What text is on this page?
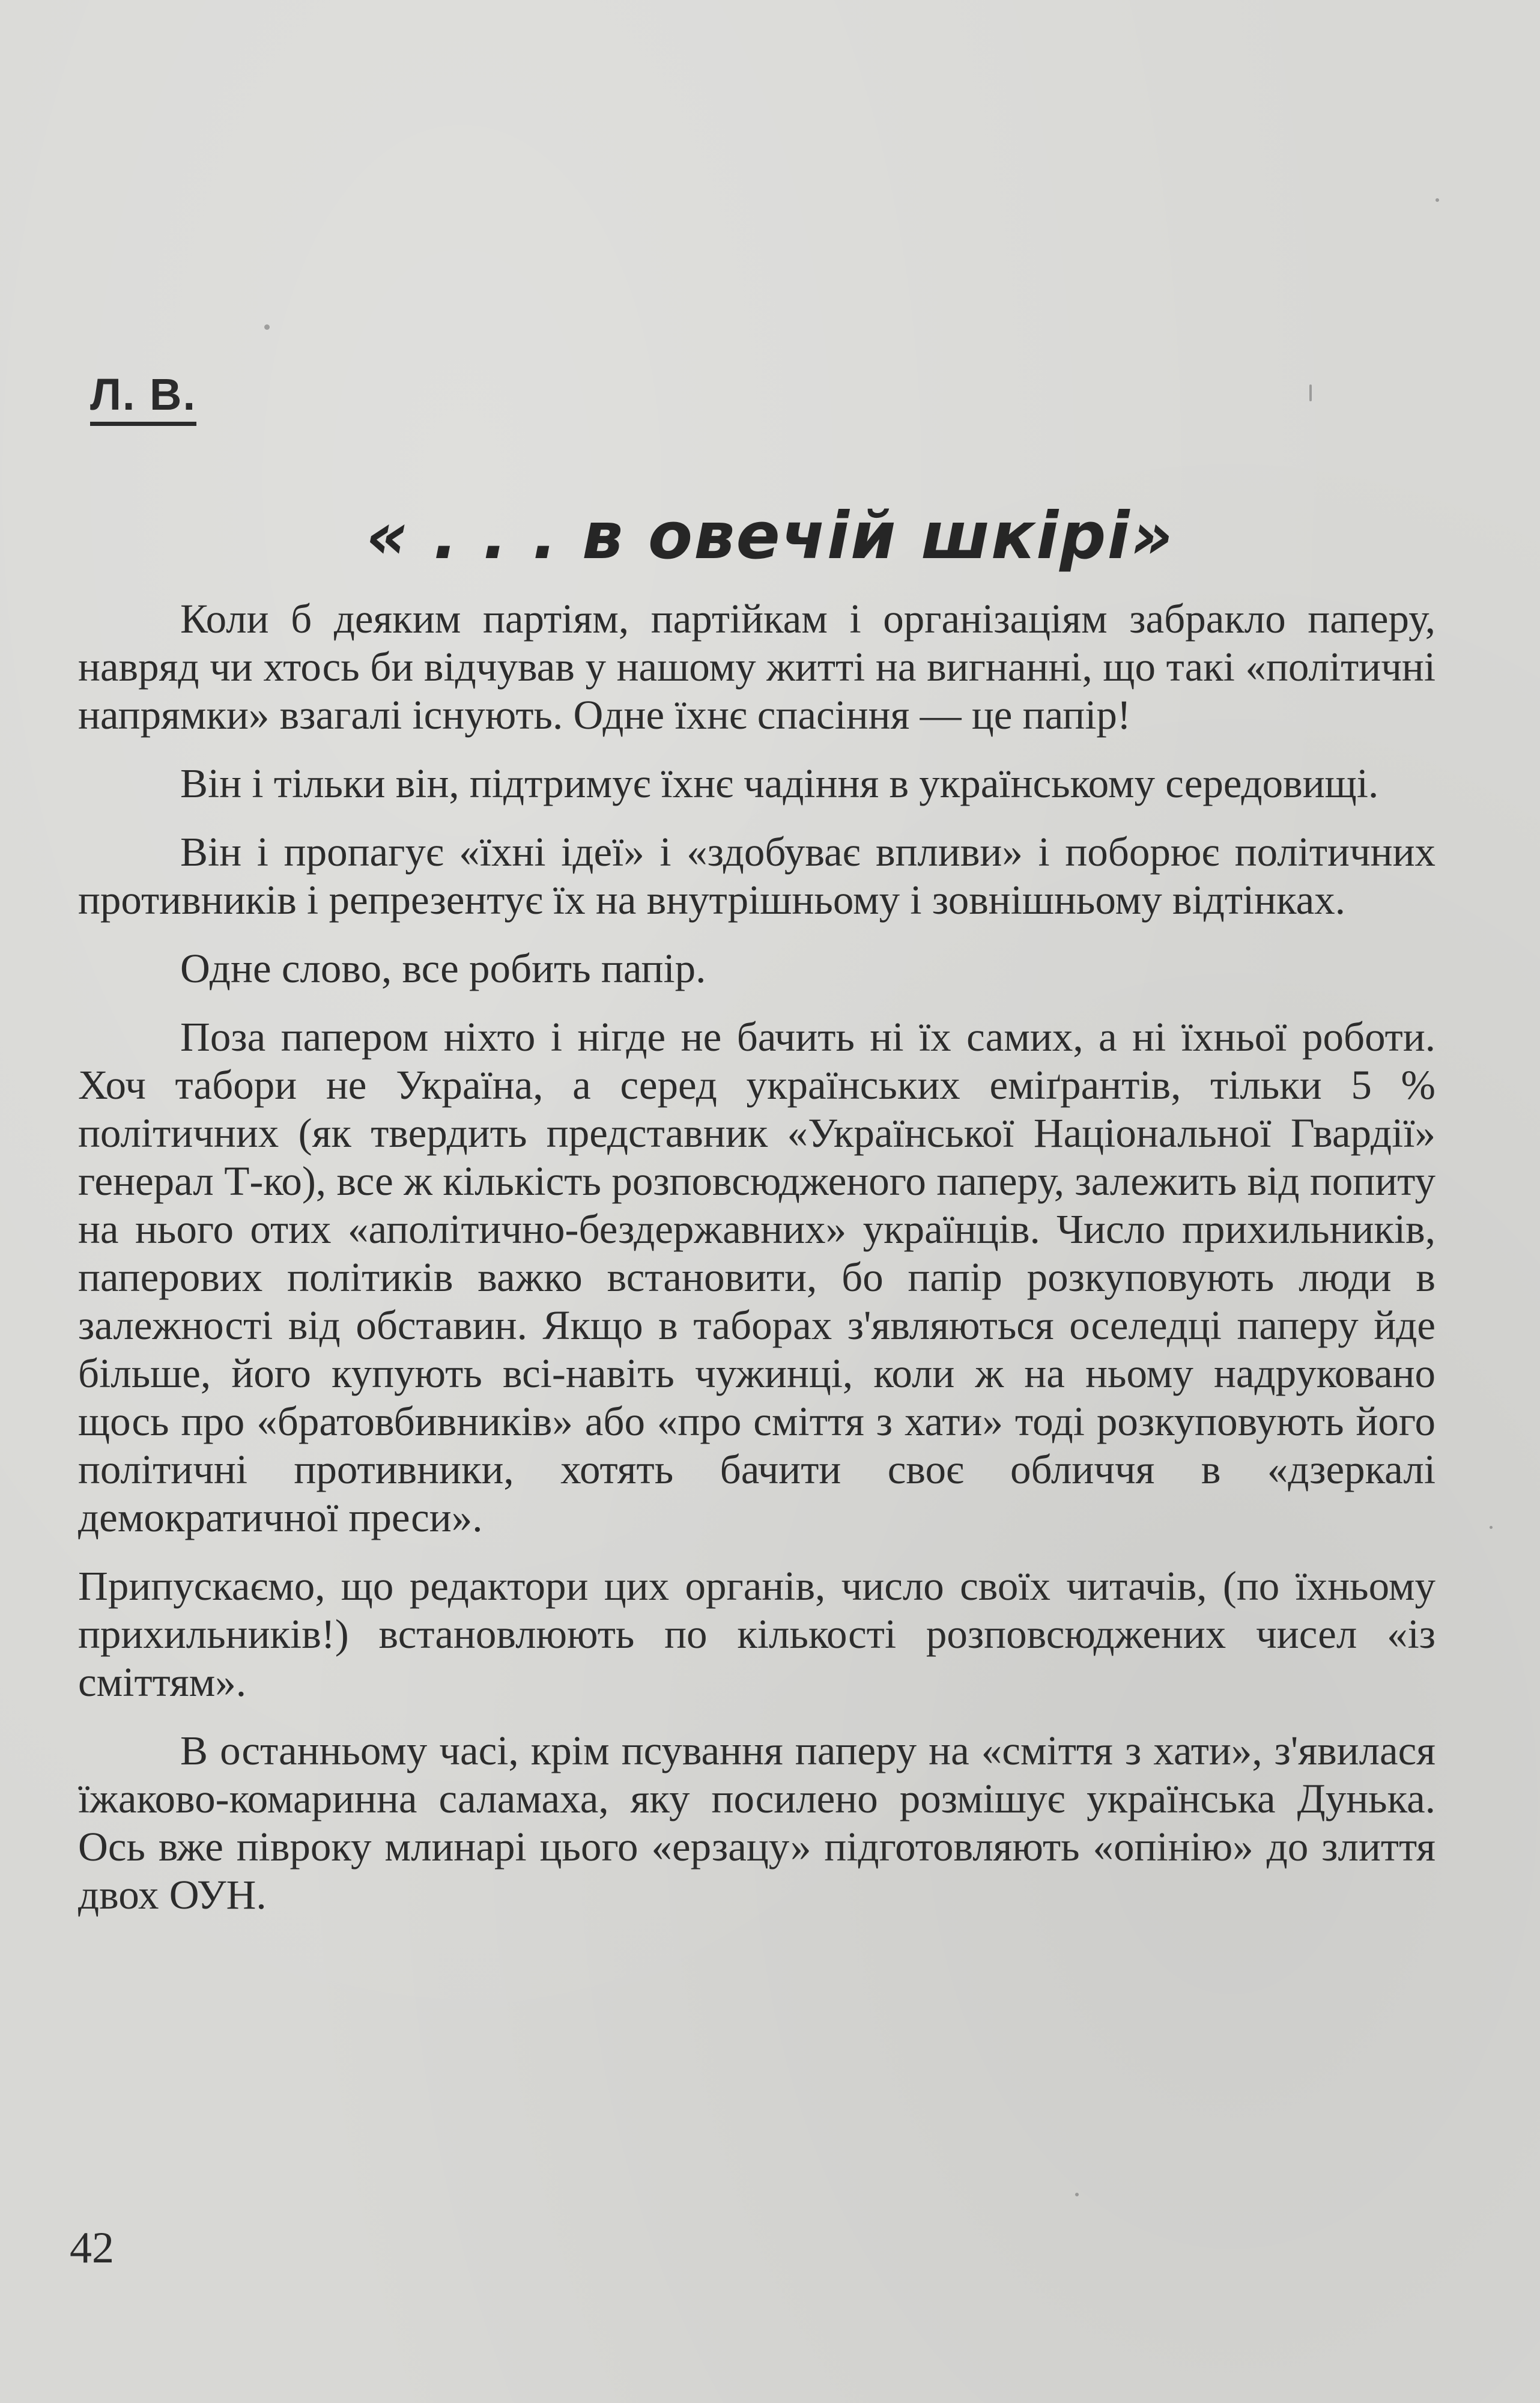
Л. В.
« . . . в овечій шкірі»

Коли б деяким партіям, партійкам і організаціям забракло паперу, навряд чи хтось би відчував у нашому житті на вигнанні, що такі «політичні напрямки» взагалі існують. Одне їхнє спасіння — це папір!

Він і тільки він, підтримує їхнє чадіння в українському середовищі.

Він і пропагує «їхні ідеї» і «здобуває впливи» і поборює політичних противників і репрезентує їх на внутрішньому і зовнішньому відтінках.

Одне слово, все робить папір.

Поза папером ніхто і нігде не бачить ні їх самих, а ні їхньої роботи. Хоч табори не Україна, а серед українських еміґрантів, тільки 5 % політичних (як твердить представник «Української Національної Гвардії» генерал Т-ко), все ж кількість розповсюдженого паперу, залежить від попиту на нього отих «аполітично-бездержавних» українців. Число прихильників, паперових політиків важко встановити, бо папір розкуповують люди в залежності від обставин. Якщо в таборах з'являються оселедці паперу йде більше, його купують всі-навіть чужинці, коли ж на ньому надруковано щось про «братовбивників» або «про сміття з хати» тоді розкуповують його політичні противники, хотять бачити своє обличчя в «дзеркалі демократичної преси».

Припускаємо, що редактори цих органів, число своїх читачів, (по їхньому прихильників!) встановлюють по кількості розповсюджених чисел «із сміттям».

В останньому часі, крім псування паперу на «сміття з хати», з'явилася їжаково-комаринна саламаха, яку посилено розмішує українська Дунька. Ось вже півроку млинарі цього «ерзацу» підготовляють «опінію» до злиття двох ОУН.

42
